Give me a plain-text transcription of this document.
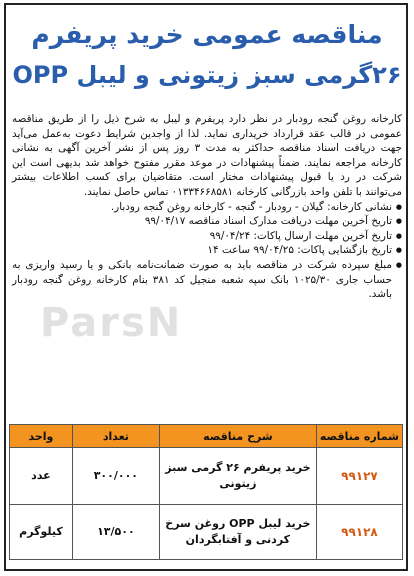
مناقصه عمومی خرید پریفرم
۲۶گرمی سبز زیتونی و لیبل OPP

کارخانه روغن گنجه رودبار در نظر دارد پریفرم و لیبل به شرح ذیل را از طریق مناقصه عمومی در قالب عقد قرارداد خریداری نماید. لذا از واجدین شرایط دعوت به‌عمل می‌آید جهت دریافت اسناد مناقصه حداکثر به مدت ۳ روز پس از نشر آخرین آگهی به نشانی کارخانه مراجعه نمایند. ضمناً پیشنهادات در موعد مقرر مفتوح خواهد شد بدیهی است این شرکت در رد یا قبول پیشنهادات مختار است. متقاضیان برای کسب اطلاعات بیشتر می‌توانند با تلفن واحد بازرگانی کارخانه ۰۱۳۳۴۶۶۸۵۸۱ تماس حاصل نمایند.

● نشانی کارخانه: گیلان - رودبار - گنجه - کارخانه روغن گنجه رودبار.
● تاریخ آخرین مهلت دریافت مدارک اسناد مناقصه ۹۹/۰۴/۱۷
● تاریخ آخرین مهلت ارسال پاکات: ۹۹/۰۴/۲۴
● تاریخ بازگشایی پاکات: ۹۹/۰۴/۲۵ ساعت ۱۴
● مبلغ سپرده شرکت در مناقصه باید به صورت ضمانت‌نامه بانکی و یا رسید واریزی به حساب جاری ۱۰۲۵/۳۰ بانک سپه شعبه منجیل کد ۳۸۱ بنام کارخانه روغن گنجه رودبار باشد.
ParsN
شماره مناقصه	شرح مناقصه	تعداد	واحد
۹۹۱۲۷	خرید پریفرم ۲۶ گرمی سبز زیتونی	۳۰۰/۰۰۰	عدد
۹۹۱۲۸	خرید لیبل OPP روغن سرخ کردنی و آفتابگردان	۱۳/۵۰۰	کیلوگرم
